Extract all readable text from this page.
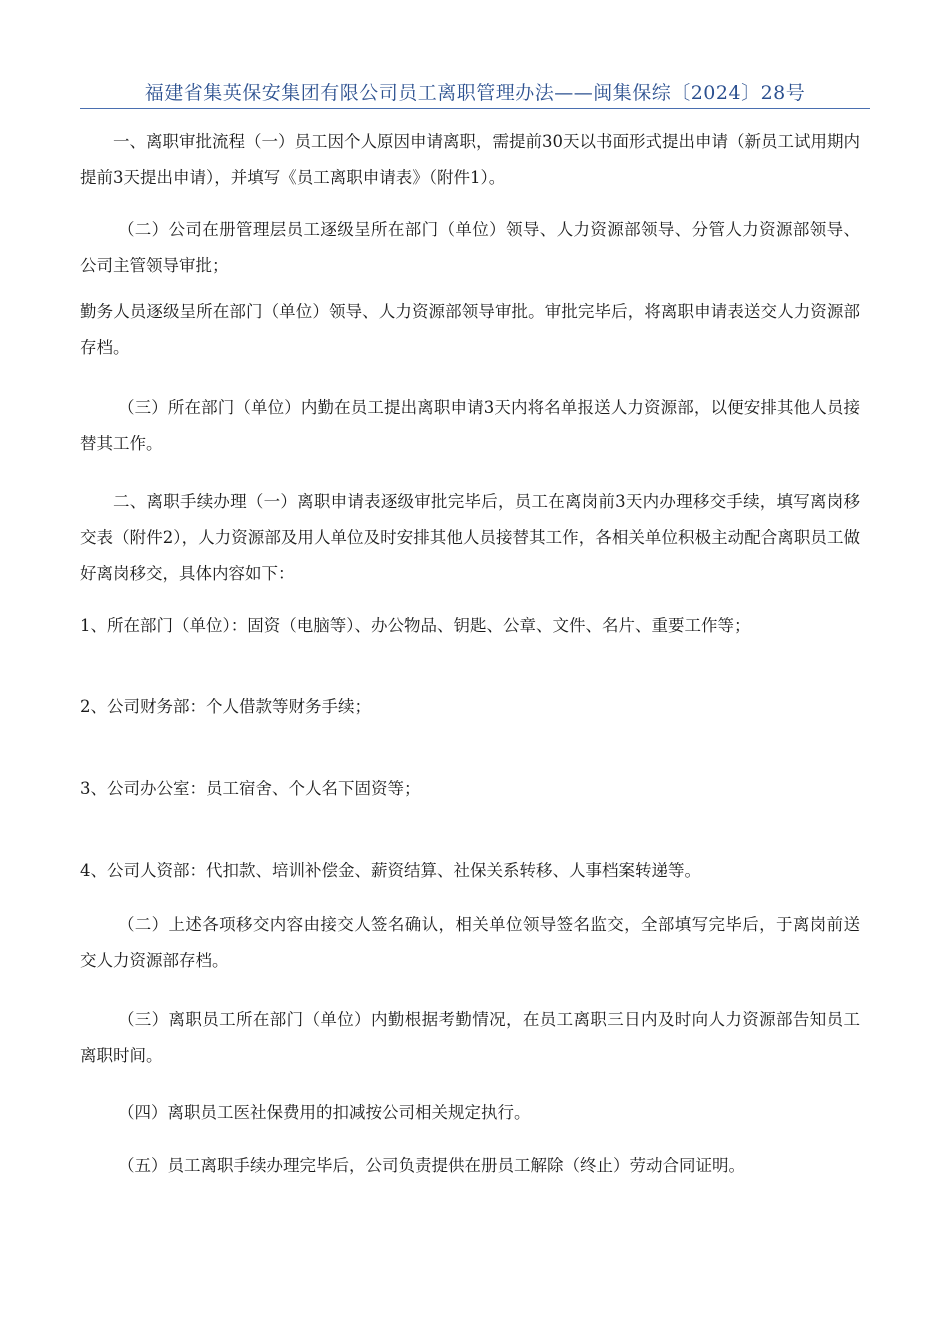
福建省集英保安集团有限公司员工离职管理办法——闽集保综〔2024〕28号

一、离职审批流程（一）员工因个人原因申请离职，需提前30天以书面形式提出申请（新员工试用期内提前3天提出申请），并填写《员工离职申请表》（附件1）。

（二）公司在册管理层员工逐级呈所在部门（单位）领导、人力资源部领导、分管人力资源部领导、公司主管领导审批；

勤务人员逐级呈所在部门（单位）领导、人力资源部领导审批。审批完毕后，将离职申请表送交人力资源部存档。

（三）所在部门（单位）内勤在员工提出离职申请3天内将名单报送人力资源部，以便安排其他人员接替其工作。

二、离职手续办理（一）离职申请表逐级审批完毕后，员工在离岗前3天内办理移交手续，填写离岗移交表（附件2），人力资源部及用人单位及时安排其他人员接替其工作，各相关单位积极主动配合离职员工做好离岗移交，具体内容如下：

1、所在部门（单位）：固资（电脑等）、办公物品、钥匙、公章、文件、名片、重要工作等；

2、公司财务部：个人借款等财务手续；

3、公司办公室：员工宿舍、个人名下固资等；

4、公司人资部：代扣款、培训补偿金、薪资结算、社保关系转移、人事档案转递等。

（二）上述各项移交内容由接交人签名确认，相关单位领导签名监交，全部填写完毕后，于离岗前送交人力资源部存档。

（三）离职员工所在部门（单位）内勤根据考勤情况，在员工离职三日内及时向人力资源部告知员工离职时间。

（四）离职员工医社保费用的扣减按公司相关规定执行。

（五）员工离职手续办理完毕后，公司负责提供在册员工解除（终止）劳动合同证明。
